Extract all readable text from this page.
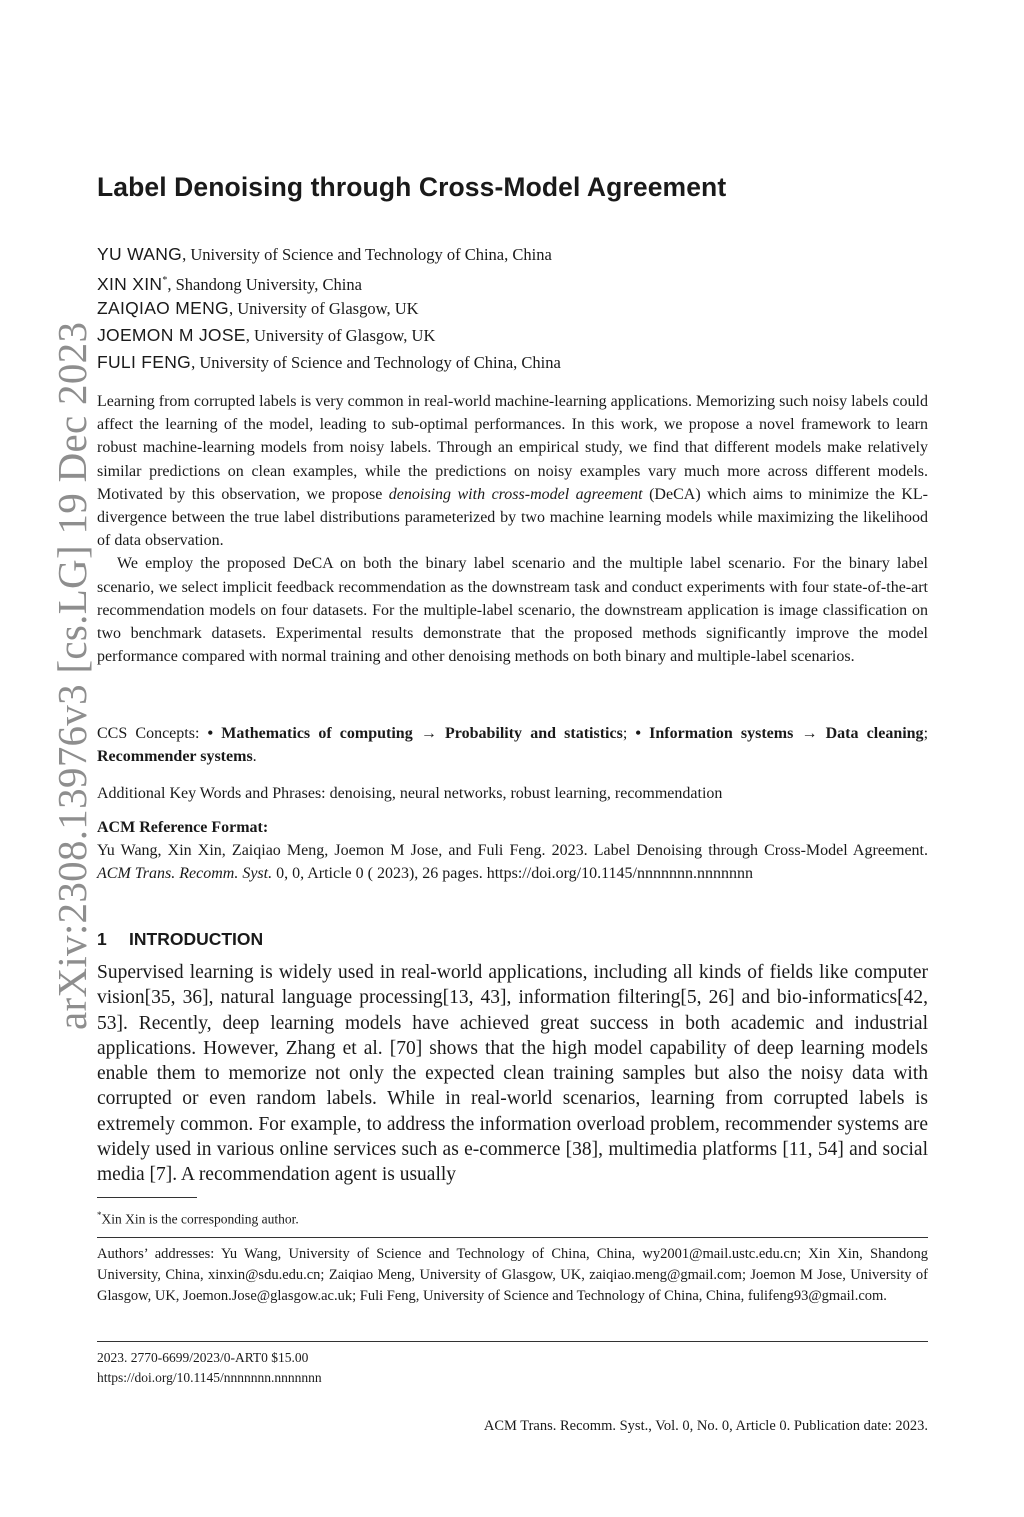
arXiv:2308.13976v3 [cs.LG] 19 Dec 2023
Label Denoising through Cross-Model Agreement
YU WANG, University of Science and Technology of China, China
XIN XIN*, Shandong University, China
ZAIQIAO MENG, University of Glasgow, UK
JOEMON M JOSE, University of Glasgow, UK
FULI FENG, University of Science and Technology of China, China

Learning from corrupted labels is very common in real-world machine-learning applications. Memorizing such noisy labels could affect the learning of the model, leading to sub-optimal performances. In this work, we propose a novel framework to learn robust machine-learning models from noisy labels. Through an empirical study, we find that different models make relatively similar predictions on clean examples, while the predictions on noisy examples vary much more across different models. Motivated by this observation, we propose denoising with cross-model agreement (DeCA) which aims to minimize the KL-divergence between the true label distributions parameterized by two machine learning models while maximizing the likelihood of data observation.

We employ the proposed DeCA on both the binary label scenario and the multiple label scenario. For the binary label scenario, we select implicit feedback recommendation as the downstream task and conduct experiments with four state-of-the-art recommendation models on four datasets. For the multiple-label scenario, the downstream application is image classification on two benchmark datasets. Experimental results demonstrate that the proposed methods significantly improve the model performance compared with normal training and other denoising methods on both binary and multiple-label scenarios.

CCS Concepts: • Mathematics of computing → Probability and statistics; • Information systems → Data cleaning; Recommender systems.
Additional Key Words and Phrases: denoising, neural networks, robust learning, recommendation
ACM Reference Format:
Yu Wang, Xin Xin, Zaiqiao Meng, Joemon M Jose, and Fuli Feng. 2023. Label Denoising through Cross-Model Agreement. ACM Trans. Recomm. Syst. 0, 0, Article 0 ( 2023), 26 pages. https://doi.org/10.1145/nnnnnnn.nnnnnnn
1 INTRODUCTION

Supervised learning is widely used in real-world applications, including all kinds of fields like computer vision[35, 36], natural language processing[13, 43], information filtering[5, 26] and bio-informatics[42, 53]. Recently, deep learning models have achieved great success in both academic and industrial applications. However, Zhang et al. [70] shows that the high model capability of deep learning models enable them to memorize not only the expected clean training samples but also the noisy data with corrupted or even random labels. While in real-world scenarios, learning from corrupted labels is extremely common. For example, to address the information overload problem, recommender systems are widely used in various online services such as e-commerce [38], multimedia platforms [11, 54] and social media [7]. A recommendation agent is usually

*Xin Xin is the corresponding author.
Authors’ addresses: Yu Wang, University of Science and Technology of China, China, wy2001@mail.ustc.edu.cn; Xin Xin, Shandong University, China, xinxin@sdu.edu.cn; Zaiqiao Meng, University of Glasgow, UK, zaiqiao.meng@gmail.com; Joemon M Jose, University of Glasgow, UK, Joemon.Jose@glasgow.ac.uk; Fuli Feng, University of Science and Technology of China, China, fulifeng93@gmail.com.
2023. 2770-6699/2023/0-ART0 $15.00
https://doi.org/10.1145/nnnnnnn.nnnnnnn
ACM Trans. Recomm. Syst., Vol. 0, No. 0, Article 0. Publication date: 2023.
